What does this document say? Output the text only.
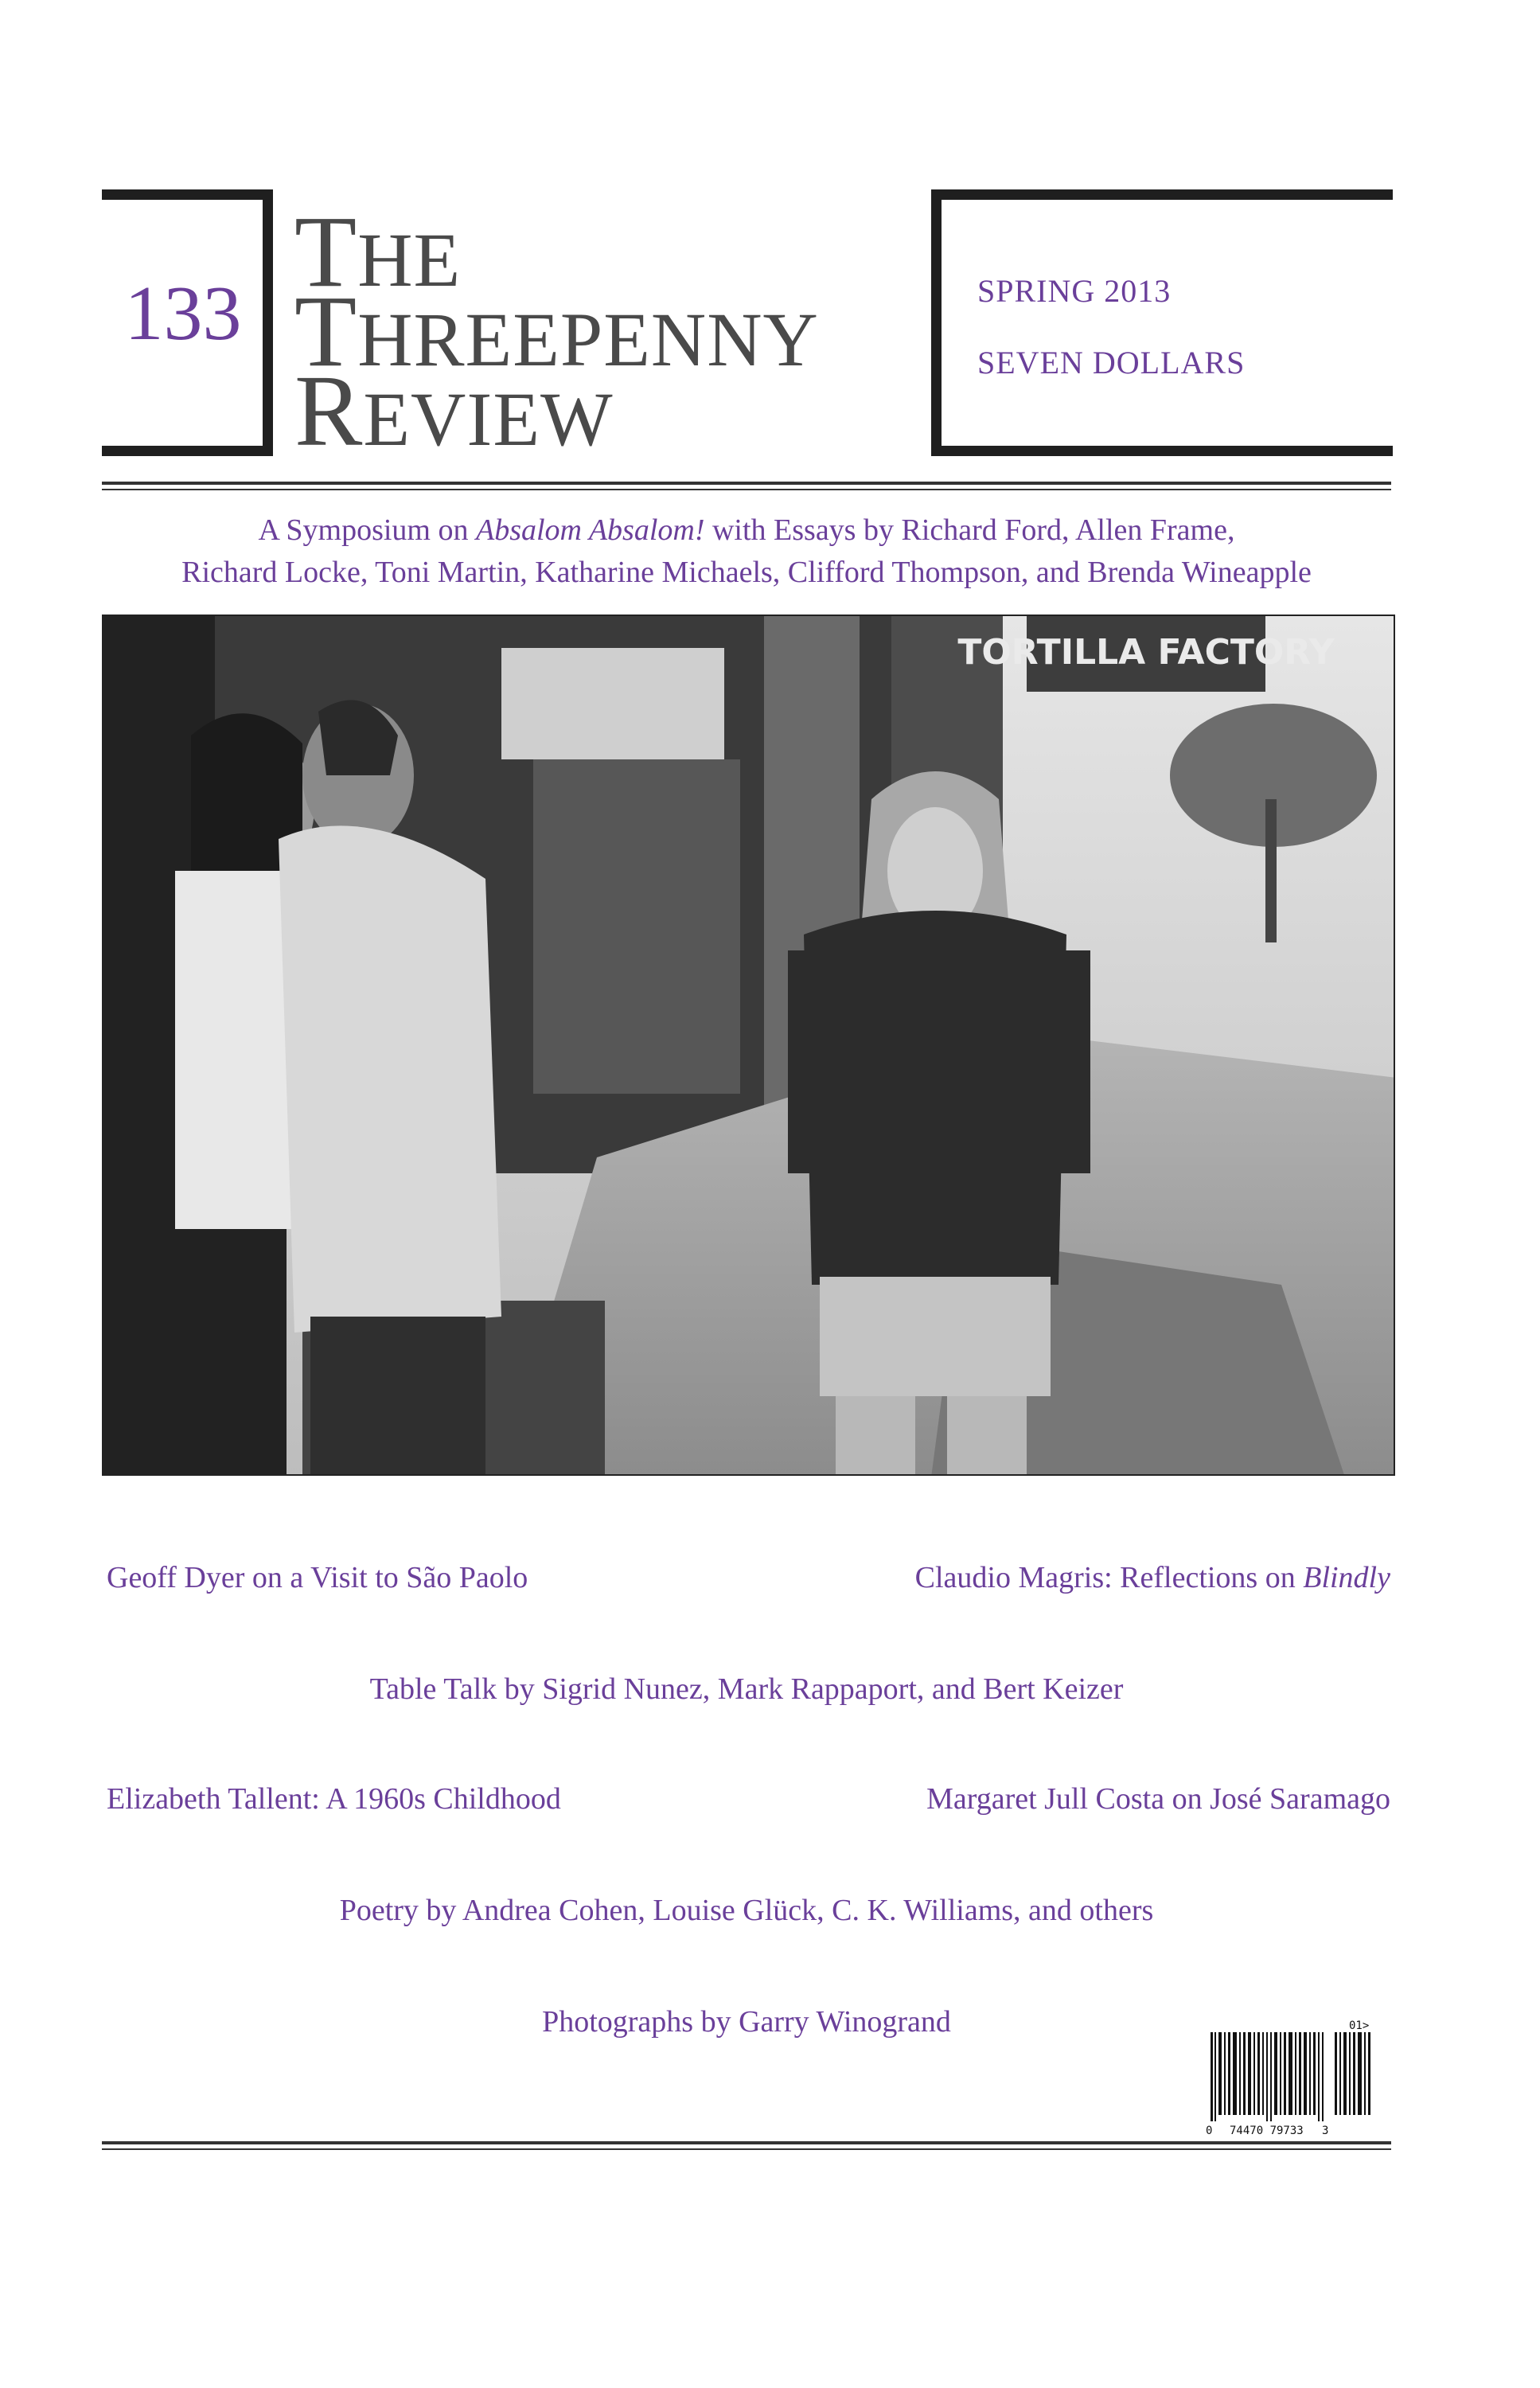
133
THE
THREEPENNY
REVIEW
SPRING 2013
SEVEN DOLLARS
A Symposium on Absalom Absalom! with Essays by Richard Ford, Allen Frame,
Richard Locke, Toni Martin, Katharine Michaels, Clifford Thompson, and Brenda Wineapple
TORTILLA FACTORY
Geoff Dyer on a Visit to São Paolo	Claudio Magris: Reflections on Blindly
Table Talk by Sigrid Nunez, Mark Rappaport, and Bert Keizer
Elizabeth Tallent: A 1960s Childhood	Margaret Jull Costa on José Saramago
Poetry by Andrea Cohen, Louise Glück, C. K. Williams, and others
Photographs by Garry Winogrand	01>
0 74470 79733 3
